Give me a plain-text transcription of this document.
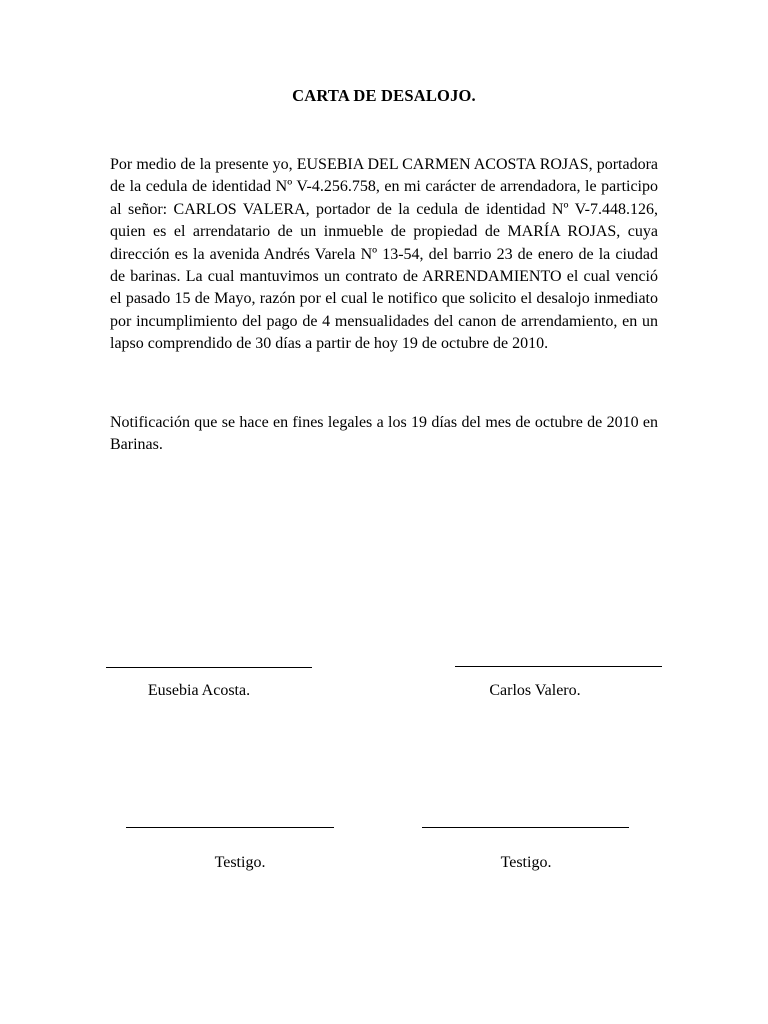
CARTA DE DESALOJO.

Por medio de la presente yo, EUSEBIA DEL CARMEN ACOSTA ROJAS, portadora de la cedula de identidad Nº V-4.256.758, en mi carácter de arrendadora, le participo al señor: CARLOS VALERA, portador de la cedula de identidad Nº V-7.448.126, quien es el arrendatario de un inmueble de propiedad de MARÍA ROJAS, cuya dirección es la avenida Andrés Varela Nº 13-54, del barrio 23 de enero de la ciudad de barinas. La cual mantuvimos un contrato de ARRENDAMIENTO el cual venció el pasado 15 de Mayo, razón por el cual le notifico que solicito el desalojo inmediato por incumplimiento del pago de 4 mensualidades del canon de arrendamiento, en un lapso comprendido de 30 días a partir de hoy 19 de octubre de 2010.

Notificación que se hace en fines legales a los 19 días del mes de octubre de 2010 en Barinas.

Eusebia Acosta.	Carlos Valero.
Testigo.	Testigo.
